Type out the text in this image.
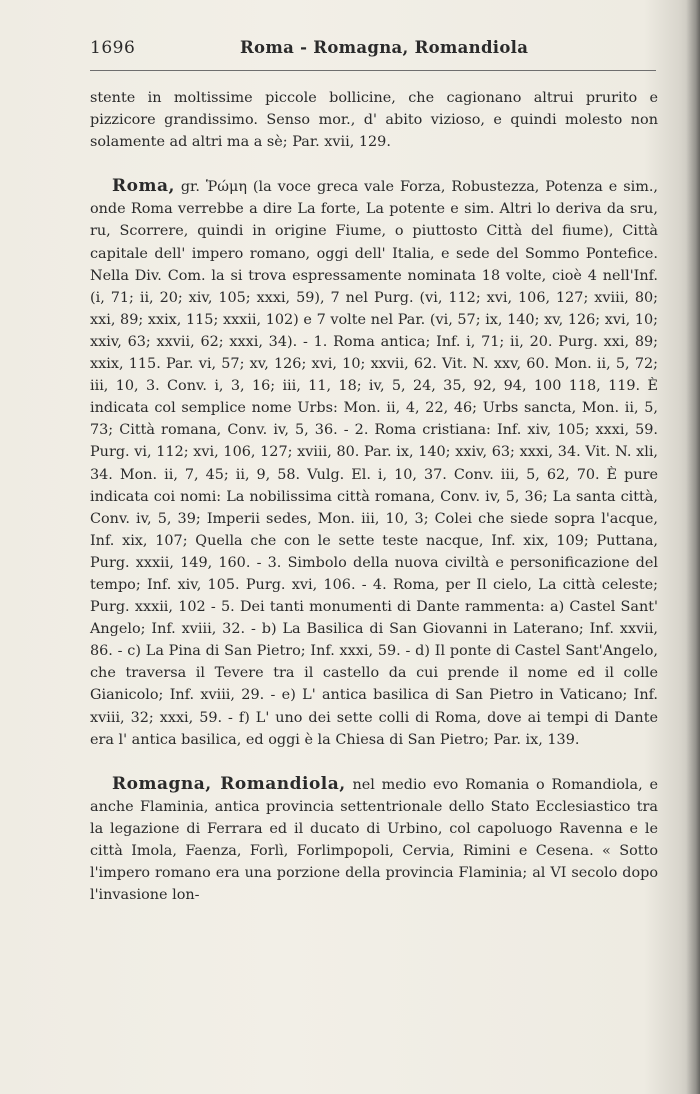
1696	Roma - Romagna, Romandiola

stente in moltissime piccole bollicine, che cagionano altrui prurito e pizzicore grandissimo. Senso mor., d' abito vizioso, e quindi molesto non solamente ad altri ma a sè; Par. xvii, 129.

Roma, gr. Ῥώμη (la voce greca vale Forza, Robustezza, Potenza e sim., onde Roma verrebbe a dire La forte, La potente e sim. Altri lo deriva da sru, ru, Scorrere, quindi in origine Fiume, o piuttosto Città del fiume), Città capitale dell' impero romano, oggi dell' Italia, e sede del Sommo Pontefice. Nella Div. Com. la si trova espressamente nominata 18 volte, cioè 4 nell'Inf. (i, 71; ii, 20; xiv, 105; xxxi, 59), 7 nel Purg. (vi, 112; xvi, 106, 127; xviii, 80; xxi, 89; xxix, 115; xxxii, 102) e 7 volte nel Par. (vi, 57; ix, 140; xv, 126; xvi, 10; xxiv, 63; xxvii, 62; xxxi, 34). - 1. Roma antica; Inf. i, 71; ii, 20. Purg. xxi, 89; xxix, 115. Par. vi, 57; xv, 126; xvi, 10; xxvii, 62. Vit. N. xxv, 60. Mon. ii, 5, 72; iii, 10, 3. Conv. i, 3, 16; iii, 11, 18; iv, 5, 24, 35, 92, 94, 100 118, 119. È indicata col semplice nome Urbs: Mon. ii, 4, 22, 46; Urbs sancta, Mon. ii, 5, 73; Città romana, Conv. iv, 5, 36. - 2. Roma cristiana: Inf. xiv, 105; xxxi, 59. Purg. vi, 112; xvi, 106, 127; xviii, 80. Par. ix, 140; xxiv, 63; xxxi, 34. Vit. N. xli, 34. Mon. ii, 7, 45; ii, 9, 58. Vulg. El. i, 10, 37. Conv. iii, 5, 62, 70. È pure indicata coi nomi: La nobilissima città romana, Conv. iv, 5, 36; La santa città, Conv. iv, 5, 39; Imperii sedes, Mon. iii, 10, 3; Colei che siede sopra l'acque, Inf. xix, 107; Quella che con le sette teste nacque, Inf. xix, 109; Puttana, Purg. xxxii, 149, 160. - 3. Simbolo della nuova civiltà e personificazione del tempo; Inf. xiv, 105. Purg. xvi, 106. - 4. Roma, per Il cielo, La città celeste; Purg. xxxii, 102 - 5. Dei tanti monumenti di Dante rammenta: a) Castel Sant' Angelo; Inf. xviii, 32. - b) La Basilica di San Giovanni in Laterano; Inf. xxvii, 86. - c) La Pina di San Pietro; Inf. xxxi, 59. - d) Il ponte di Castel Sant'Angelo, che traversa il Tevere tra il castello da cui prende il nome ed il colle Gianicolo; Inf. xviii, 29. - e) L' antica basilica di San Pietro in Vaticano; Inf. xviii, 32; xxxi, 59. - f) L' uno dei sette colli di Roma, dove ai tempi di Dante era l' antica basilica, ed oggi è la Chiesa di San Pietro; Par. ix, 139.

Romagna, Romandiola, nel medio evo Romania o Romandiola, e anche Flaminia, antica provincia settentrionale dello Stato Ecclesiastico tra la legazione di Ferrara ed il ducato di Urbino, col capoluogo Ravenna e le città Imola, Faenza, Forlì, Forlimpopoli, Cervia, Rimini e Cesena. « Sotto l'impero romano era una porzione della provincia Flaminia; al VI secolo dopo l'invasione lon-
